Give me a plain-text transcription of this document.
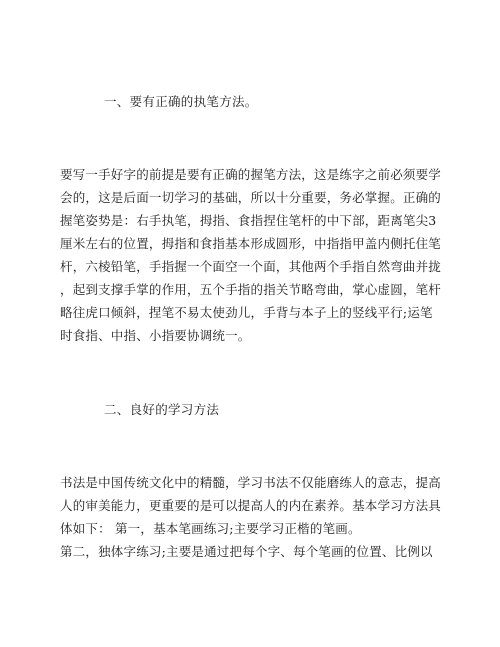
一、要有正确的执笔方法。
要写一手好字的前提是要有正确的握笔方法，这是练字之前必须要学
会的，这是后面一切学习的基础，所以十分重要，务必掌握。正确的
握笔姿势是：右手执笔，拇指、食指捏住笔杆的中下部，距离笔尖3
厘米左右的位置，拇指和食指基本形成圆形，中指指甲盖内侧托住笔
杆，六棱铅笔，手指握一个面空一个面，其他两个手指自然弯曲并拢
，起到支撑手掌的作用，五个手指的指关节略弯曲，掌心虚圆，笔杆
略往虎口倾斜，捏笔不易太使劲儿，手背与本子上的竖线平行;运笔
时食指、中指、小指要协调统一。
二、良好的学习方法
书法是中国传统文化中的精髓，学习书法不仅能磨练人的意志，提高
人的审美能力，更重要的是可以提高人的内在素养。基本学习方法具
体如下： 第一，基本笔画练习;主要学习正楷的笔画。
第二，独体字练习;主要是通过把每个字、每个笔画的位置、比例以
